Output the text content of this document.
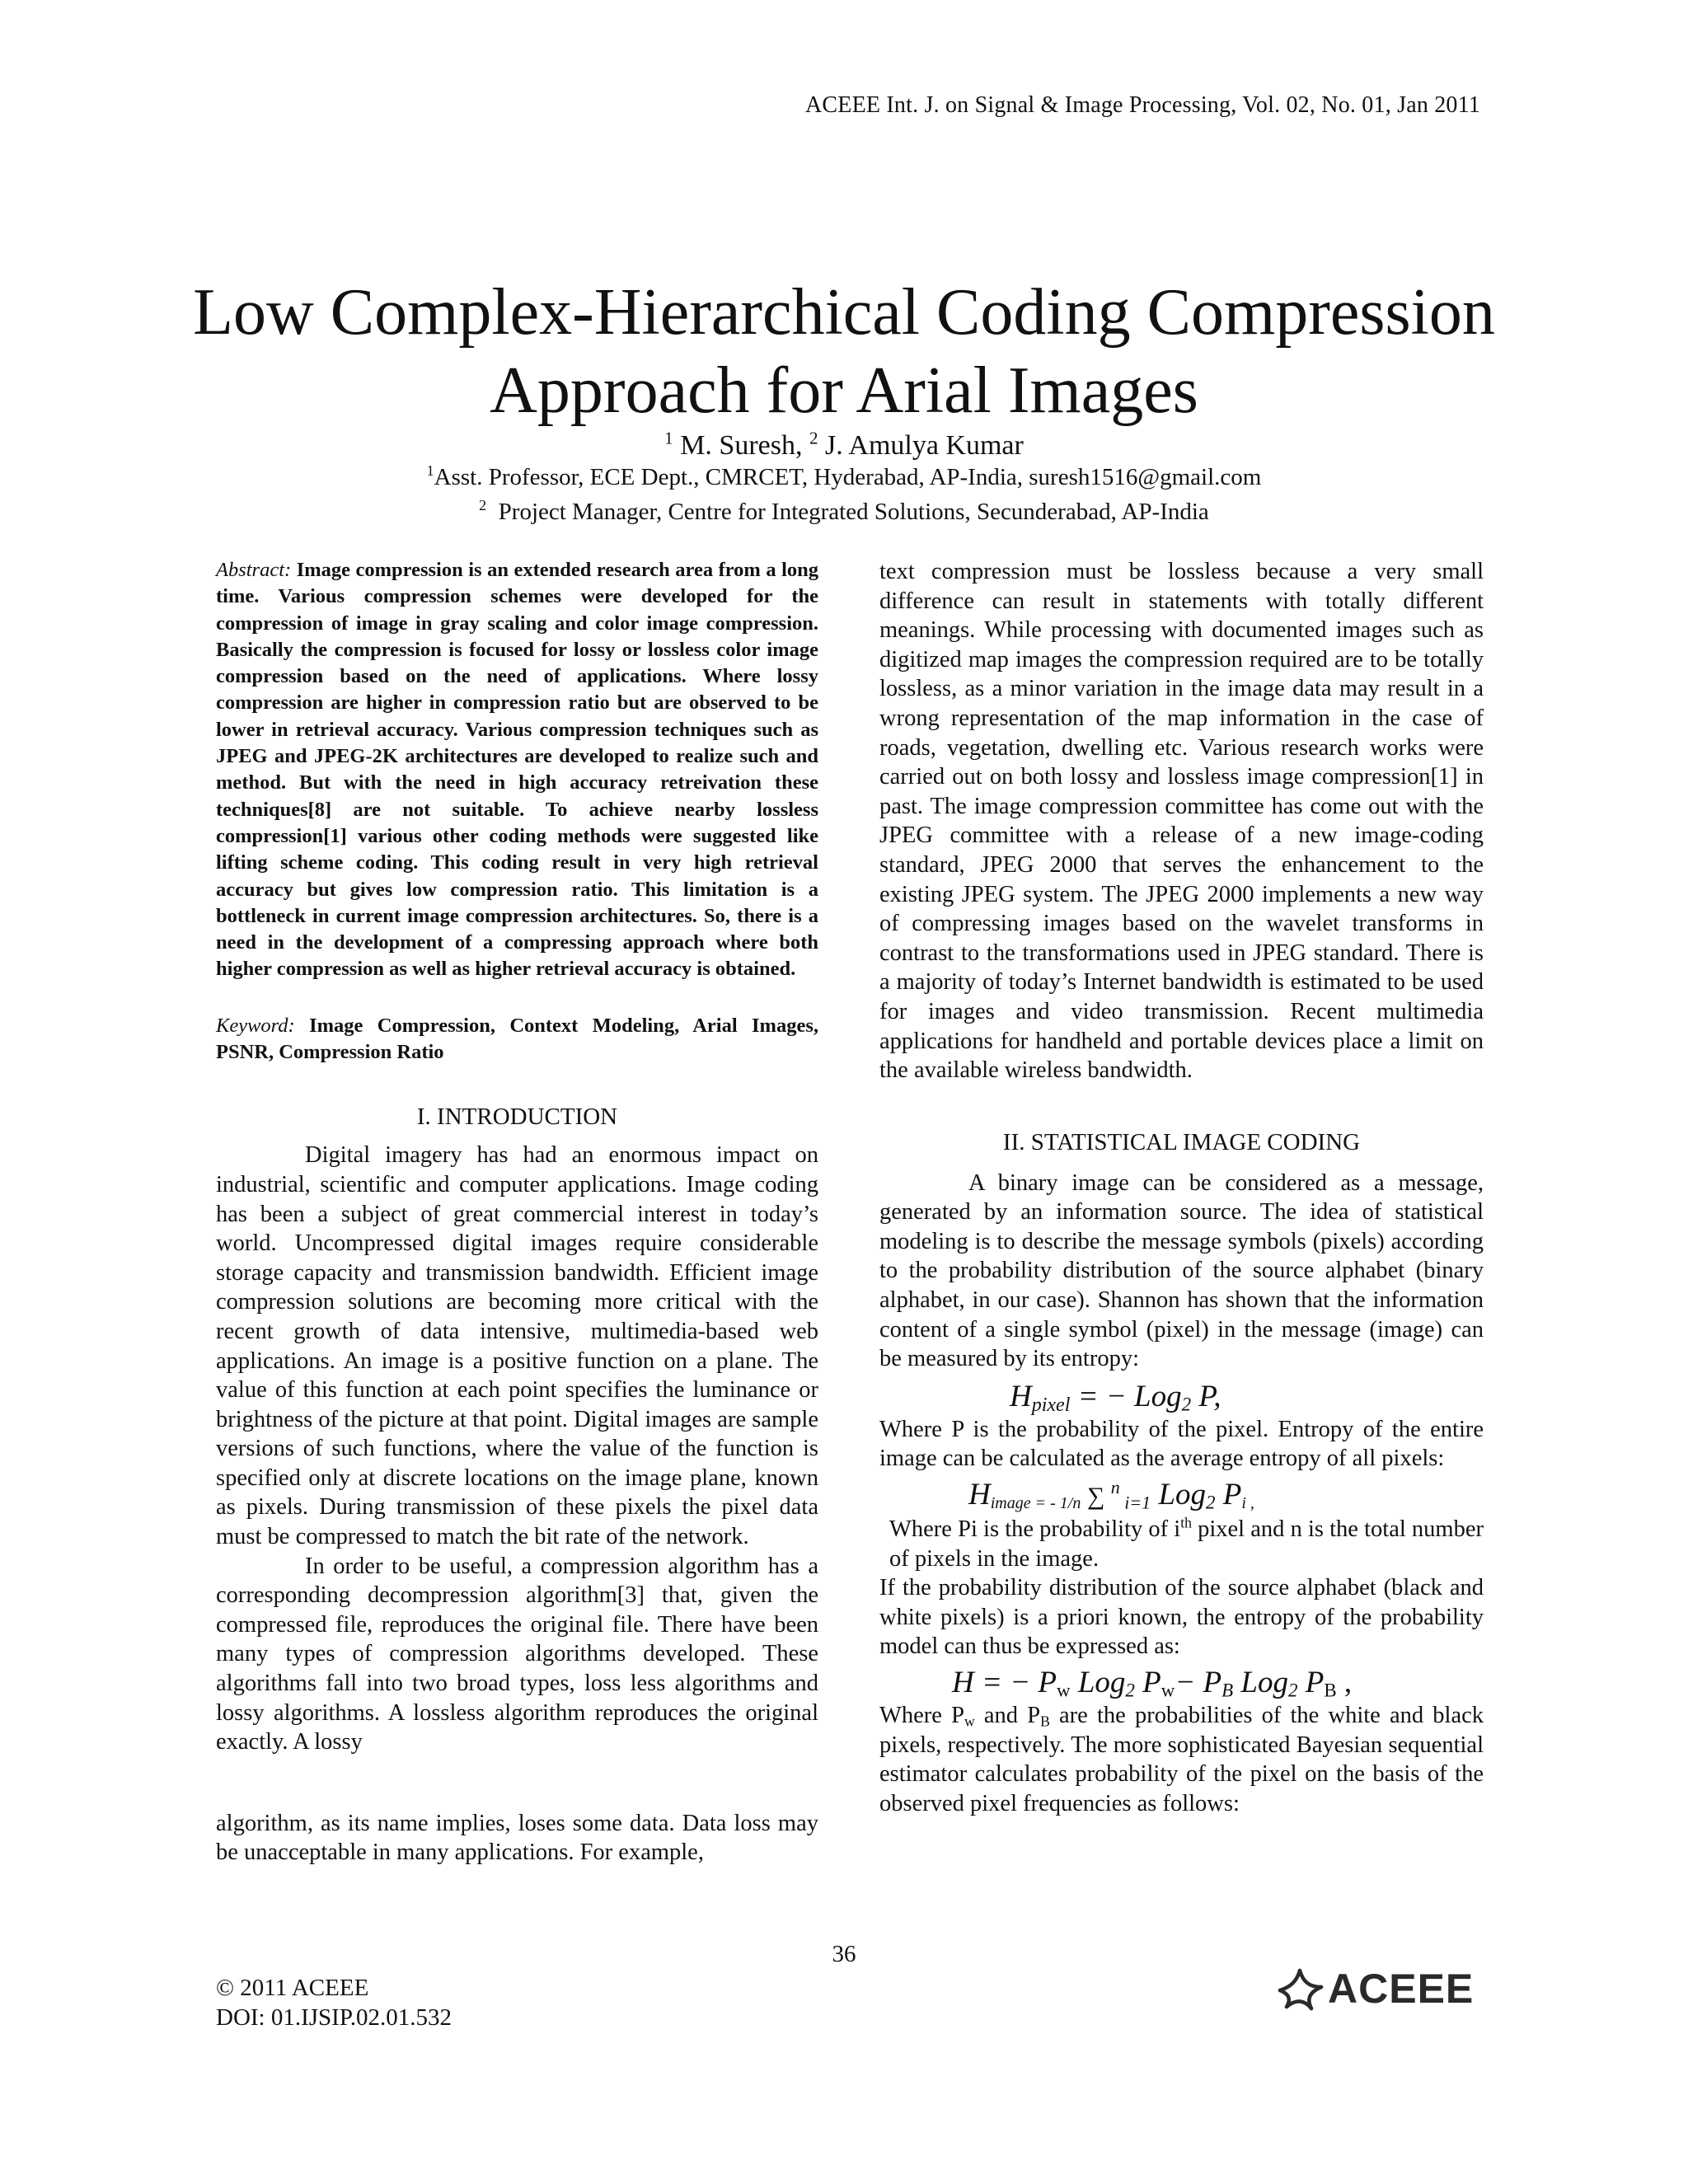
ACEEE Int. J. on Signal & Image Processing, Vol. 02, No. 01, Jan 2011
Low Complex-Hierarchical Coding Compression
Approach for Arial Images
$^1$ M. Suresh, $^2$ J. Amulya Kumar
$^1$Asst. Professor, ECE Dept., CMRCET, Hyderabad, AP-India, suresh1516@gmail.com
$^2$ Project Manager, Centre for Integrated Solutions, Secunderabad, AP-India

Abstract: Image compression is an extended research area from a long time. Various compression schemes were developed for the compression of image in gray scaling and color image compression. Basically the compression is focused for lossy or lossless color image compression based on the need of applications. Where lossy compression are higher in compression ratio but are observed to be lower in retrieval accuracy. Various compression techniques such as JPEG and JPEG-2K architectures are developed to realize such and method. But with the need in high accuracy retreivation these techniques[8] are not suitable. To achieve nearby lossless compression[1] various other coding methods were suggested like lifting scheme coding. This coding result in very high retrieval accuracy but gives low compression ratio. This limitation is a bottleneck in current image compression architectures. So, there is a need in the development of a compressing approach where both higher compression as well as higher retrieval accuracy is obtained.

Keyword: Image Compression, Context Modeling, Arial Images, PSNR, Compression Ratio

I. INTRODUCTION

Digital imagery has had an enormous impact on industrial, scientific and computer applications. Image coding has been a subject of great commercial interest in today’s world. Uncompressed digital images require considerable storage capacity and transmission bandwidth. Efficient image compression solutions are becoming more critical with the recent growth of data intensive, multimedia-based web applications. An image is a positive function on a plane. The value of this function at each point specifies the luminance or brightness of the picture at that point. Digital images are sample versions of such functions, where the value of the function is specified only at discrete locations on the image plane, known as pixels. During transmission of these pixels the pixel data must be compressed to match the bit rate of the network.

In order to be useful, a compression algorithm has a corresponding decompression algorithm[3] that, given the compressed file, reproduces the original file. There have been many types of compression algorithms developed. These algorithms fall into two broad types, loss less algorithms and lossy algorithms. A lossless algorithm reproduces the original exactly. A lossy

algorithm, as its name implies, loses some data. Data loss may be unacceptable in many applications. For example,

text compression must be lossless because a very small difference can result in statements with totally different meanings. While processing with documented images such as digitized map images the compression required are to be totally lossless, as a minor variation in the image data may result in a wrong representation of the map information in the case of roads, vegetation, dwelling etc. Various research works were carried out on both lossy and lossless image compression[1] in past. The image compression committee has come out with the JPEG committee with a release of a new image-coding standard, JPEG 2000 that serves the enhancement to the existing JPEG system. The JPEG 2000 implements a new way of compressing images based on the wavelet transforms in contrast to the transformations used in JPEG standard. There is a majority of today’s Internet bandwidth is estimated to be used for images and video transmission. Recent multimedia applications for handheld and portable devices place a limit on the available wireless bandwidth.

II. STATISTICAL IMAGE CODING

A binary image can be considered as a message, generated by an information source. The idea of statistical modeling is to describe the message symbols (pixels) according to the probability distribution of the source alphabet (binary alphabet, in our case). Shannon has shown that the information content of a single symbol (pixel) in the message (image) can be measured by its entropy:

$H_{pixel}$ = − Log$_2$ P,

Where P is the probability of the pixel. Entropy of the entire image can be calculated as the average entropy of all pixels:

$H_{image = - 1/n}$ ∑ $^n$ $_{i=1}$ Log$_2$ $P_{i ,}$

Where Pi is the probability of $i^{th}$ pixel and n is the total number of pixels in the image.

If the probability distribution of the source alphabet (black and white pixels) is a priori known, the entropy of the probability model can thus be expressed as:

H = − $P_w$ Log$_2$ $P_w- P_B$ Log$_2$ $P_B$ ,

Where $P_w$ and $P_B$ are the probabilities of the white and black pixels, respectively. The more sophisticated Bayesian sequential estimator calculates probability of the pixel on the basis of the observed pixel frequencies as follows:

36
© 2011 ACEEE
DOI: 01.IJSIP.02.01.532
ACEEE
